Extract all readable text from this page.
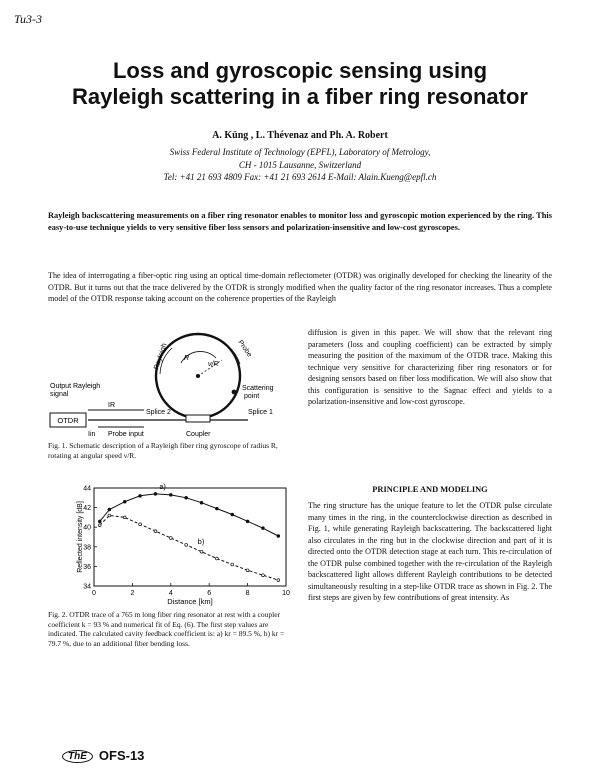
Tu3-3
Loss and gyroscopic sensing using
Rayleigh scattering in a fiber ring resonator
A. Küng , L. Thévenaz and Ph. A. Robert
Swiss Federal Institute of Technology (EPFL), Laboratory of Metrology,
CH - 1015 Lausanne, Switzerland
Tel: +41 21 693 4809 Fax: +41 21 693 2614 E-Mail: Alain.Kueng@epfl.ch
Rayleigh backscattering measurements on a fiber ring resonator enables to monitor loss and gyroscopic motion experienced by the ring. This easy-to-use technique yields to very sensitive fiber loss sensors and polarization-insensitive and low-cost gyroscopes.
The idea of interrogating a fiber-optic ring using an optical time-domain reflectometer (OTDR) was originally developed for checking the linearity of the OTDR. But it turns out that the trace delivered by the OTDR is strongly modified when the quality factor of the ring resonator increases. Thus a complete model of the OTDR response taking account on the coherence properties of the Rayleigh
diffusion is given in this paper. We will show that the relevant ring parameters (loss and coupling coefficient) can be extracted by simply measuring the position of the maximum of the OTDR trace. Making this technique very sensitive for characterizing fiber ring resonators or for designing sensors based on fiber loss modification. We will also show that this configuration is sensitive to the Sagnac effect and yields to a polarization-insensitive and low-cost gyroscope.
OTDR
Output Rayleigh
signal
IR
Splice 2	Splice 1
Scattering
point
Probe input	Coupler
Iin
R
ν/R
Rayleigh	Probe
Fig. 1. Schematic description of a Rayleigh fiber ring gyroscope of radius R, rotating at angular speed ν/R.
0	2	4	6	8	10
34
36
38
40
42
44
Distance [km]
Reflected intensity [dB]
a)
b)
Fig. 2. OTDR trace of a 765 m long fiber ring resonator at rest with a coupler coefficient k = 93 % and numerical fit of Eq. (6). The first step values are indicated. The calculated cavity feedback coefficient is: a) kr = 89.5 %, b) kr = 79.7 %, due to an additional fiber bending loss.
PRINCIPLE AND MODELING
The ring structure has the unique feature to let the OTDR pulse circulate many times in the ring, in the counterclockwise direction as described in Fig. 1, while generating Rayleigh backscattering. The backscattered light also circulates in the ring but in the clockwise direction and part of it is directed onto the OTDR detection stage at each turn. This re-circulation of the OTDR pulse combined together with the re-circulation of the Rayleigh backscattered light allows different Rayleigh contributions to be detected simultaneously resulting in a step-like OTDR trace as shown in Fig. 2. The first steps are given by few contributions of great intensity. As
ThE OFS-13
